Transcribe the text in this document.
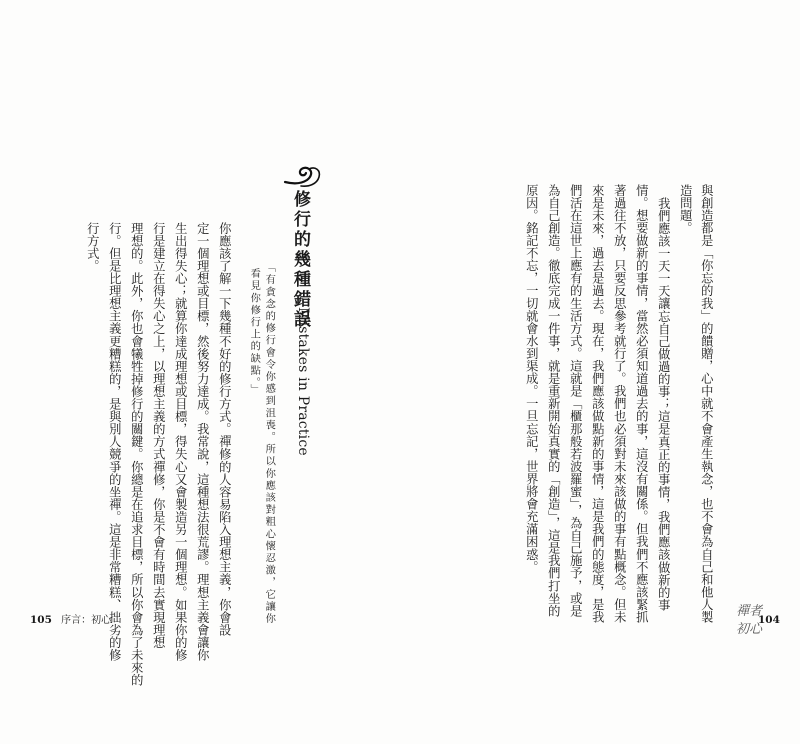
修行的幾種錯誤
Mistakes in Practice
「有貪念的修行會令你感到沮喪。所以你應該對粗心懷忍激，它讓你
看見你修行上的缺點。」
你應該了解一下幾種不好的修行方式。禪修的人容易陷入理想主義，你會設
定一個理想或目標，然後努力達成。我常說，這種想法很荒謬。理想主義會讓你
生出得失心；就算你達成理想或目標，得失心又會製造另一個理想。如果你的修
行是建立在得失心之上，以理想主義的方式禪修，你是不會有時間去實現理想
理想的。此外，你也會犧牲掉修行的關鍵。你總是在追求目標，所以你會為了未來的
行。但是比理想主義更糟糕的，是與別人競爭的坐禪。這是非常糟糕、拙劣的修
行方式。
105 序言：初心	與創造都是「你忘的我」的饋贈，心中就不會產生執念，也不會為自己和他人製
造問題。
我們應該一天一天讓忘自己做過的事；這是真正的事情，我們應該做新的事
情。想要做新的事情，當然必須知道過去的事，這沒有關係。但我們不應該緊抓
著過往不放，只要反思參考就行了。我們也必須對未來該做的事有點概念。但未
來是未來，過去是過去。現在，我們應該做點新的事情，這是我們的態度，是我
們活在這世上應有的生活方式。這就是「櫃那般若波羅蜜」，為自己施予，或是
為自己創造。徹底完成一件事，就是重新開始真實的「創造」，這是我們打坐的
原因。銘記不忘，一切就會水到渠成。一旦忘記，世界將會充滿困惑。
禪者
初心
104
